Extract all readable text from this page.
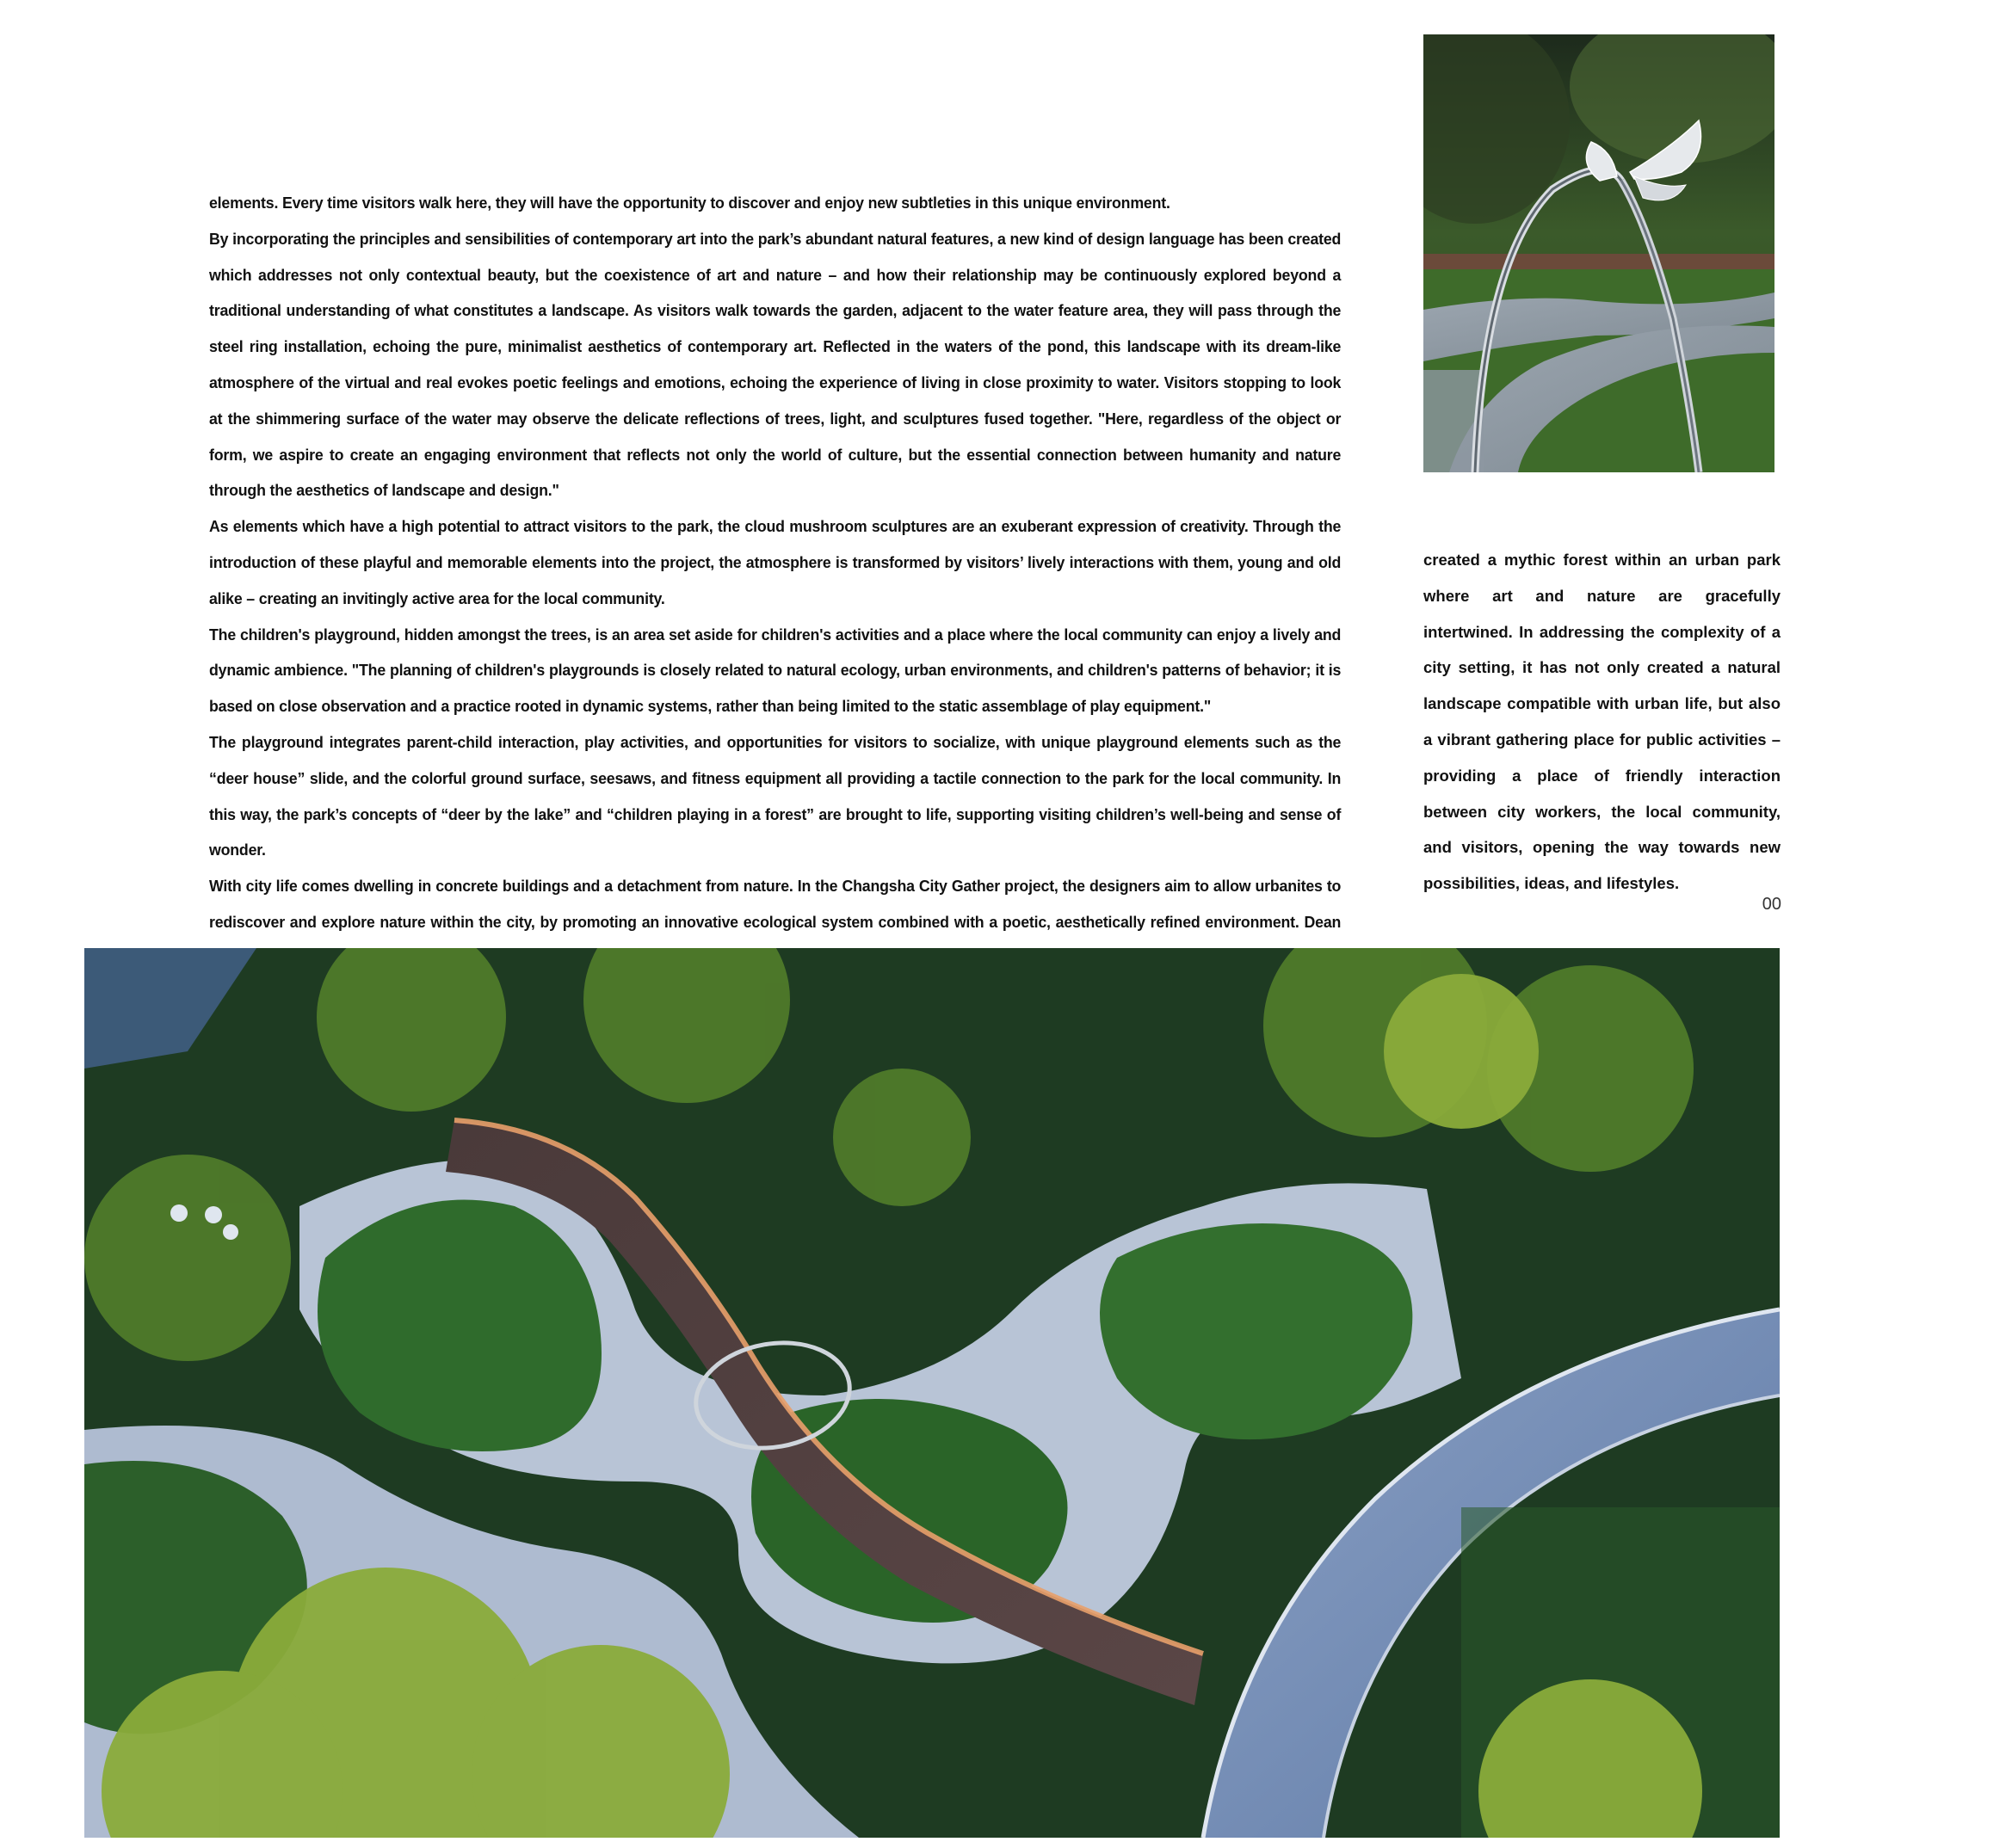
elements. Every time visitors walk here, they will have the opportunity to discover and enjoy new subtleties in this unique environment.

By incorporating the principles and sensibilities of contemporary art into the park’s abundant natural features, a new kind of design language has been created which addresses not only contextual beauty, but the coexistence of art and nature – and how their relationship may be continuously explored beyond a traditional understanding of what constitutes a landscape. As visitors walk towards the garden, adjacent to the water feature area, they will pass through the steel ring installation, echoing the pure, minimalist aesthetics of contemporary art. Reflected in the waters of the pond, this landscape with its dream-like atmosphere of the virtual and real evokes poetic feelings and emotions, echoing the experience of living in close proximity to water. Visitors stopping to look at the shimmering surface of the water may observe the delicate reflections of trees, light, and sculptures fused together. "Here, regardless of the object or form, we aspire to create an engaging environment that reflects not only the world of culture, but the essential connection between humanity and nature through the aesthetics of landscape and design."

As elements which have a high potential to attract visitors to the park, the cloud mushroom sculptures are an exuberant expression of creativity. Through the introduction of these playful and memorable elements into the project, the atmosphere is transformed by visitors’ lively interactions with them, young and old alike – creating an invitingly active area for the local community.

The children's playground, hidden amongst the trees, is an area set aside for children's activities and a place where the local community can enjoy a lively and dynamic ambience. "The planning of children's playgrounds is closely related to natural ecology, urban environments, and children's patterns of behavior; it is based on close observation and a practice rooted in dynamic systems, rather than being limited to the static assemblage of play equipment."

The playground integrates parent-child interaction, play activities, and opportunities for visitors to socialize, with unique playground elements such as the “deer house” slide, and the colorful ground surface, seesaws, and fitness equipment all providing a tactile connection to the park for the local community. In this way, the park’s concepts of “deer by the lake” and “children playing in a forest” are brought to life, supporting visiting children’s well-being and sense of wonder.

With city life comes dwelling in concrete buildings and a detachment from nature. In the Changsha City Gather project, the designers aim to allow urbanites to rediscover and explore nature within the city, by promoting an innovative ecological system combined with a poetic, aesthetically refined environment. Dean

created a mythic forest within an urban park where art and nature are gracefully intertwined. In addressing the complexity of a city setting, it has not only created a natural landscape compatible with urban life, but also a vibrant gathering place for public activities – providing a place of friendly interaction between city workers, the local community, and visitors, opening the way towards new possibilities, ideas, and lifestyles.

00
